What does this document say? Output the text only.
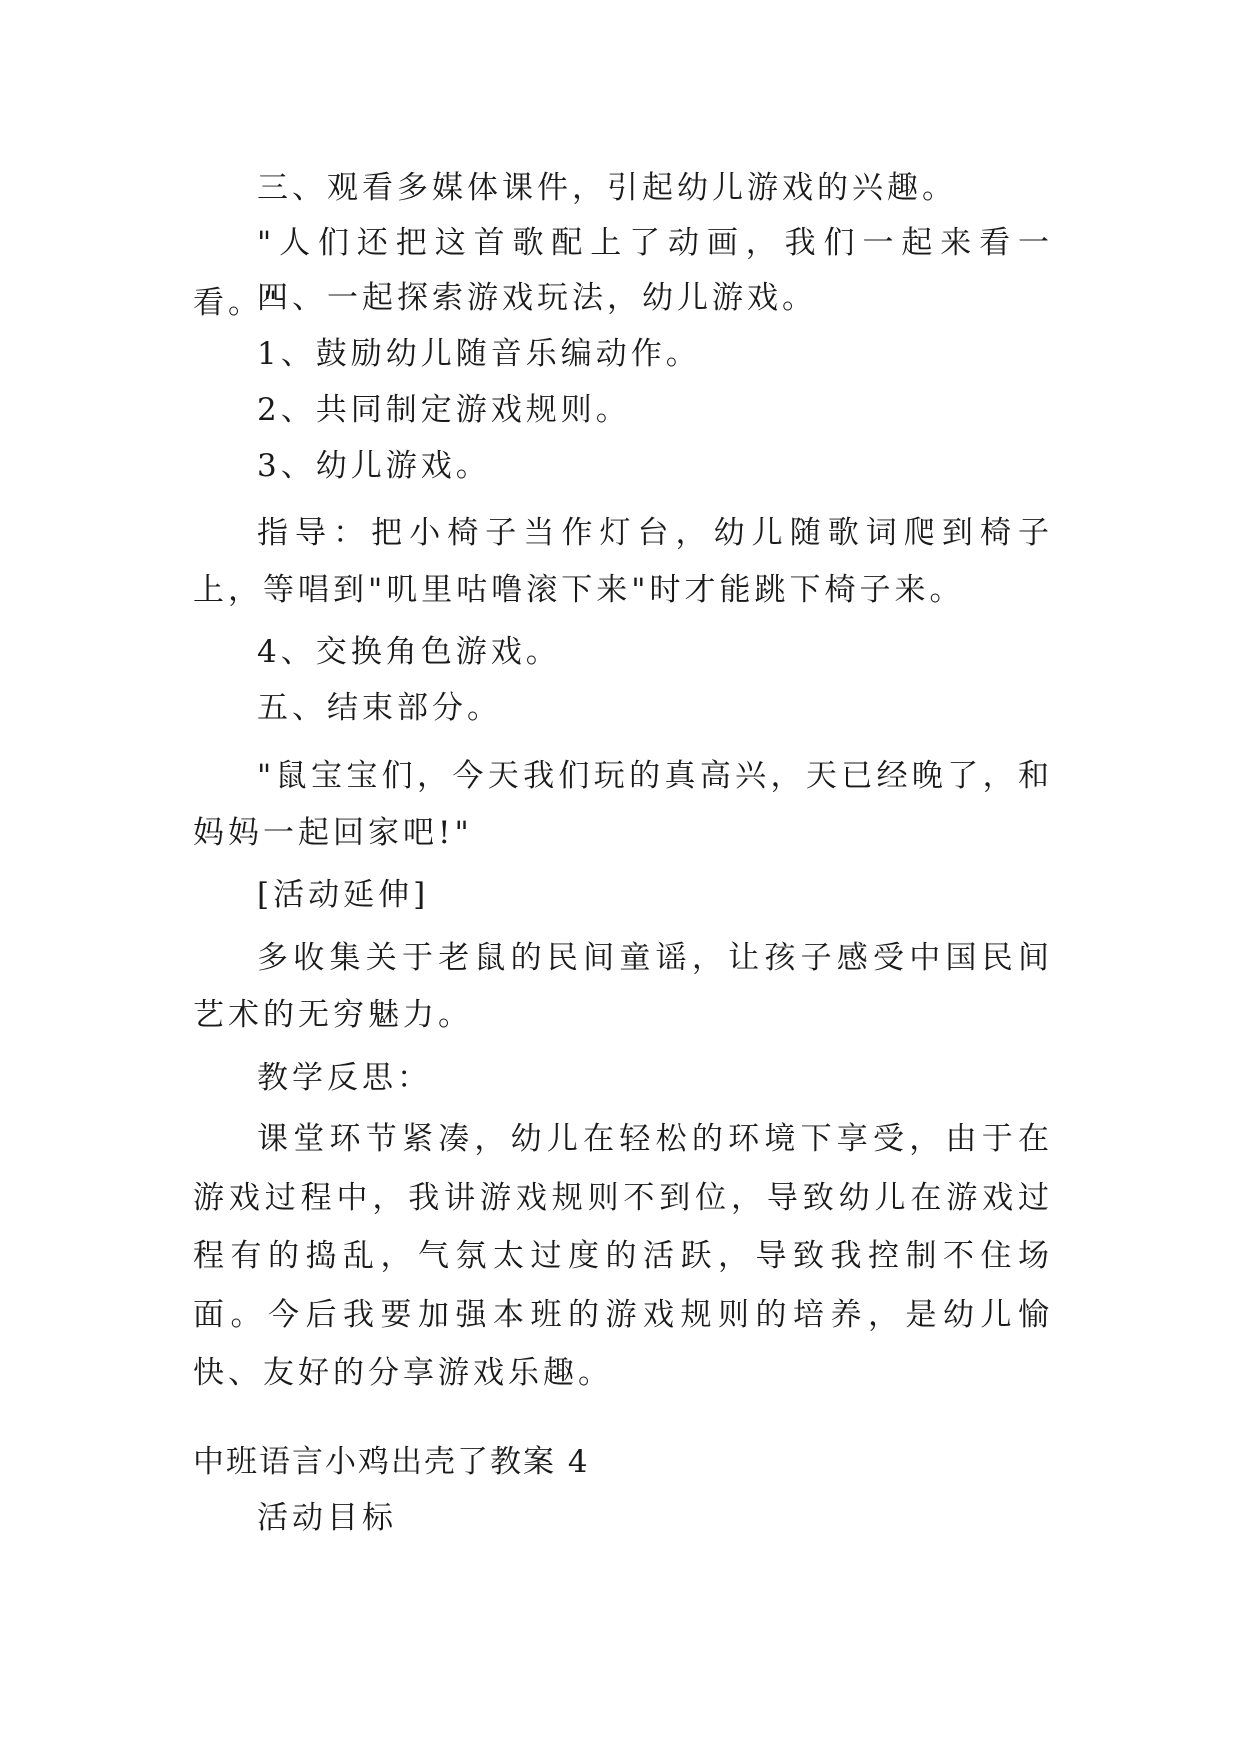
三、观看多媒体课件，引起幼儿游戏的兴趣。

"人们还把这首歌配上了动画，我们一起来看一看。"

四、一起探索游戏玩法，幼儿游戏。

1、鼓励幼儿随音乐编动作。

2、共同制定游戏规则。

3、幼儿游戏。

指导：把小椅子当作灯台，幼儿随歌词爬到椅子上，等唱到"叽里咕噜滚下来"时才能跳下椅子来。

4、交换角色游戏。

五、结束部分。

"鼠宝宝们，今天我们玩的真高兴，天已经晚了，和妈妈一起回家吧!"

[活动延伸]

多收集关于老鼠的民间童谣，让孩子感受中国民间艺术的无穷魅力。

教学反思：

课堂环节紧凑，幼儿在轻松的环境下享受，由于在游戏过程中，我讲游戏规则不到位，导致幼儿在游戏过程有的捣乱，气氛太过度的活跃，导致我控制不住场面。今后我要加强本班的游戏规则的培养，是幼儿愉快、友好的分享游戏乐趣。

中班语言小鸡出壳了教案 4

活动目标
